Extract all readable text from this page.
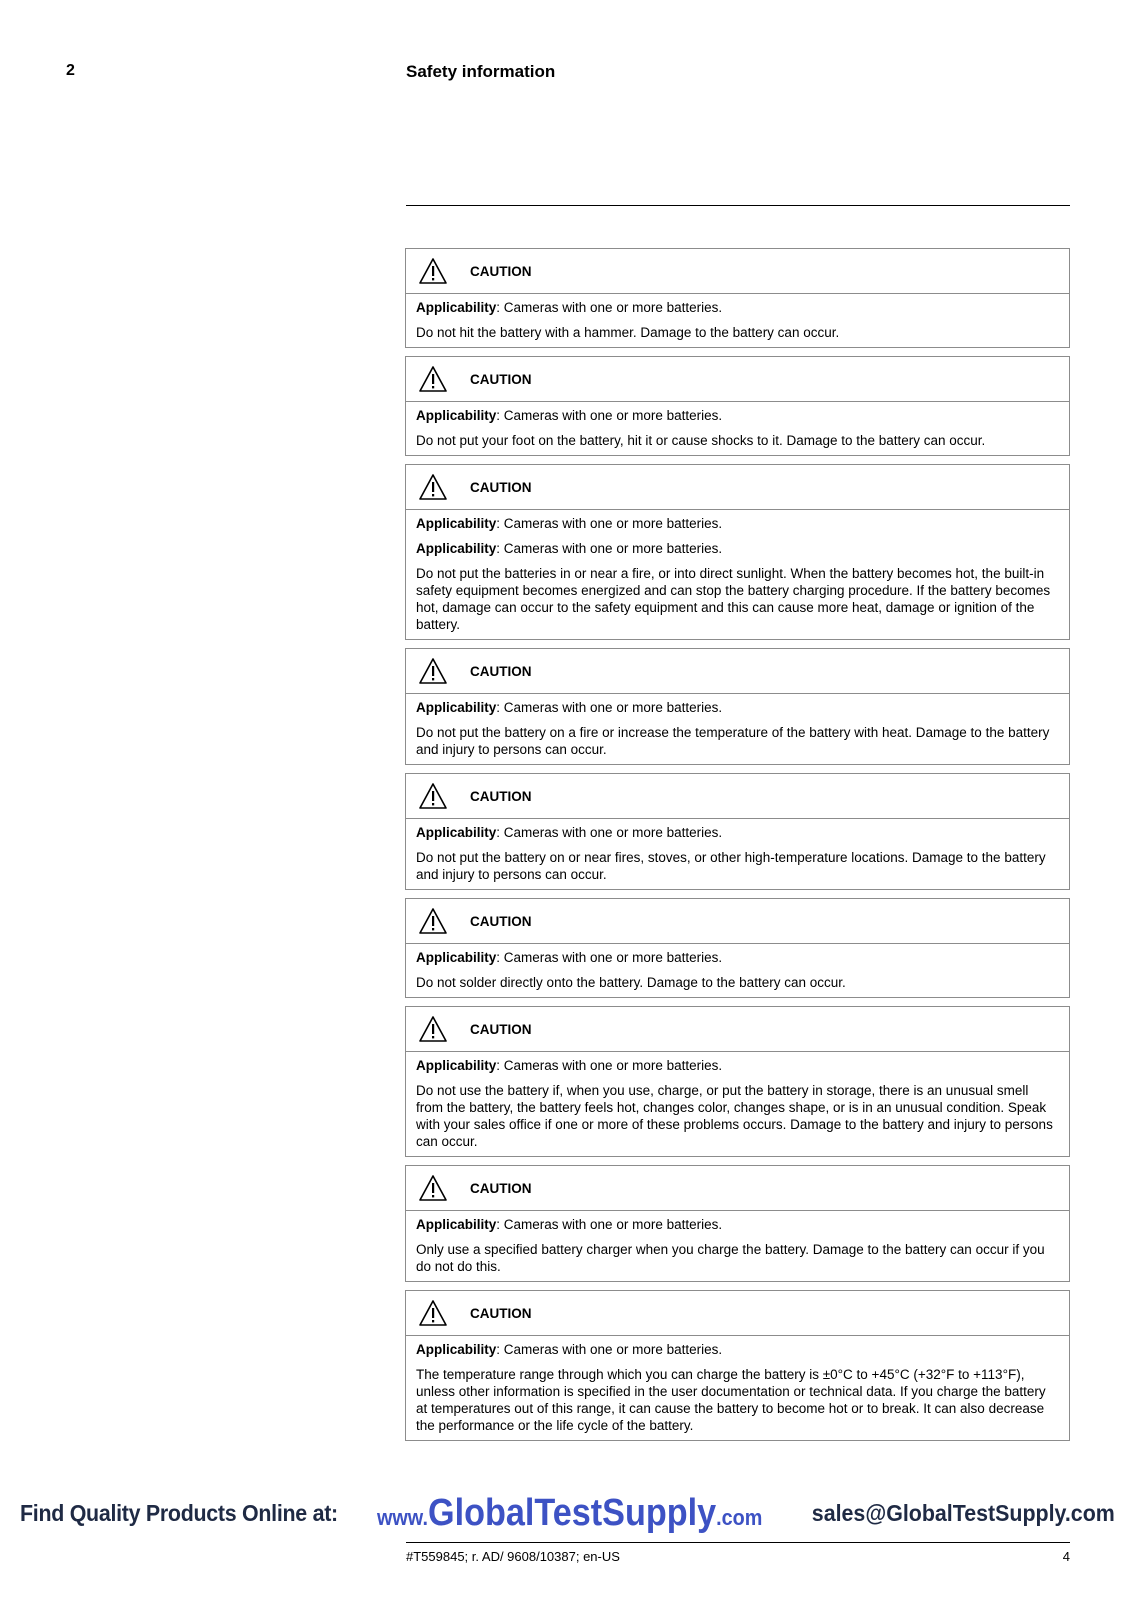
2	Safety information
CAUTION

Applicability: Cameras with one or more batteries.

Do not hit the battery with a hammer. Damage to the battery can occur.

CAUTION

Applicability: Cameras with one or more batteries.

Do not put your foot on the battery, hit it or cause shocks to it. Damage to the battery can occur.

CAUTION

Applicability: Cameras with one or more batteries.

Applicability: Cameras with one or more batteries.

Do not put the batteries in or near a fire, or into direct sunlight. When the battery becomes hot, the built-in safety equipment becomes energized and can stop the battery charging procedure. If the battery becomes hot, damage can occur to the safety equipment and this can cause more heat, damage or ignition of the battery.

CAUTION

Applicability: Cameras with one or more batteries.

Do not put the battery on a fire or increase the temperature of the battery with heat. Damage to the battery and injury to persons can occur.

CAUTION

Applicability: Cameras with one or more batteries.

Do not put the battery on or near fires, stoves, or other high-temperature locations. Damage to the battery and injury to persons can occur.

CAUTION

Applicability: Cameras with one or more batteries.

Do not solder directly onto the battery. Damage to the battery can occur.

CAUTION

Applicability: Cameras with one or more batteries.

Do not use the battery if, when you use, charge, or put the battery in storage, there is an unusual smell from the battery, the battery feels hot, changes color, changes shape, or is in an unusual condition. Speak with your sales office if one or more of these problems occurs. Damage to the battery and injury to persons can occur.

CAUTION

Applicability: Cameras with one or more batteries.

Only use a specified battery charger when you charge the battery. Damage to the battery can occur if you do not do this.

CAUTION

Applicability: Cameras with one or more batteries.

The temperature range through which you can charge the battery is ±0°C to +45°C (+32°F to +113°F), unless other information is specified in the user documentation or technical data. If you charge the battery at temperatures out of this range, it can cause the battery to become hot or to break. It can also decrease the performance or the life cycle of the battery.

Find Quality Products Online at: www.GlobalTestSupply.com sales@GlobalTestSupply.com
#T559845; r. AD/ 9608/10387; en-US	4
